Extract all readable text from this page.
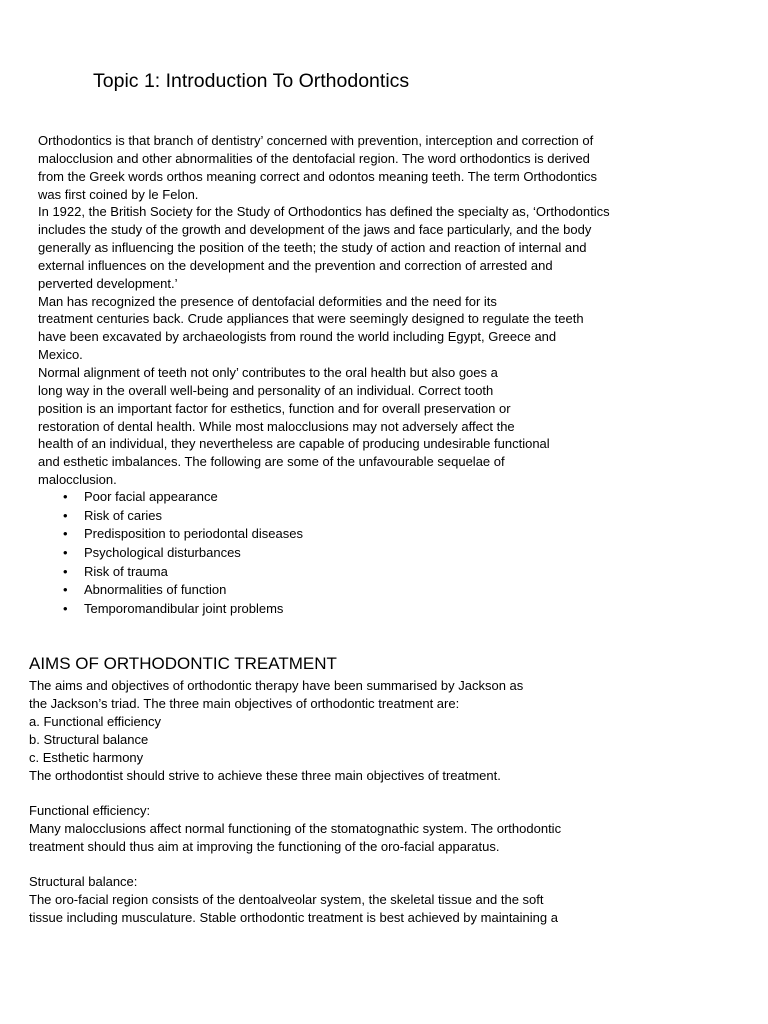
Topic 1: Introduction To Orthodontics
Orthodontics is that branch of dentistry’ concerned with prevention, interception and correction of
malocclusion and other abnormalities of the dentofacial region. The word orthodontics is derived
from the Greek words orthos meaning correct and odontos meaning teeth. The term Orthodontics
was first coined by le Felon.
In 1922, the British Society for the Study of Orthodontics has defined the specialty as, ‘Orthodontics
includes the study of the growth and development of the jaws and face particularly, and the body
generally as influencing the position of the teeth; the study of action and reaction of internal and
external influences on the development and the prevention and correction of arrested and
perverted development.’
Man has recognized the presence of dentofacial deformities and the need for its
treatment centuries back. Crude appliances that were seemingly designed to regulate the teeth
have been excavated by archaeologists from round the world including Egypt, Greece and
Mexico.
Normal alignment of teeth not only’ contributes to the oral health but also goes a
long way in the overall well-being and personality of an individual. Correct tooth
position is an important factor for esthetics, function and for overall preservation or
restoration of dental health. While most malocclusions may not adversely affect the
health of an individual, they nevertheless are capable of producing undesirable functional
and esthetic imbalances. The following are some of the unfavourable sequelae of
malocclusion.
• Poor facial appearance
• Risk of caries
• Predisposition to periodontal diseases
• Psychological disturbances
• Risk of trauma
• Abnormalities of function
• Temporomandibular joint problems
AIMS OF ORTHODONTIC TREATMENT
The aims and objectives of orthodontic therapy have been summarised by Jackson as
the Jackson’s triad. The three main objectives of orthodontic treatment are:
a. Functional efficiency
b. Structural balance
c. Esthetic harmony
The orthodontist should strive to achieve these three main objectives of treatment.
Functional efficiency:
Many malocclusions affect normal functioning of the stomatognathic system. The orthodontic
treatment should thus aim at improving the functioning of the oro-facial apparatus.
Structural balance:
The oro-facial region consists of the dentoalveolar system, the skeletal tissue and the soft
tissue including musculature. Stable orthodontic treatment is best achieved by maintaining a
